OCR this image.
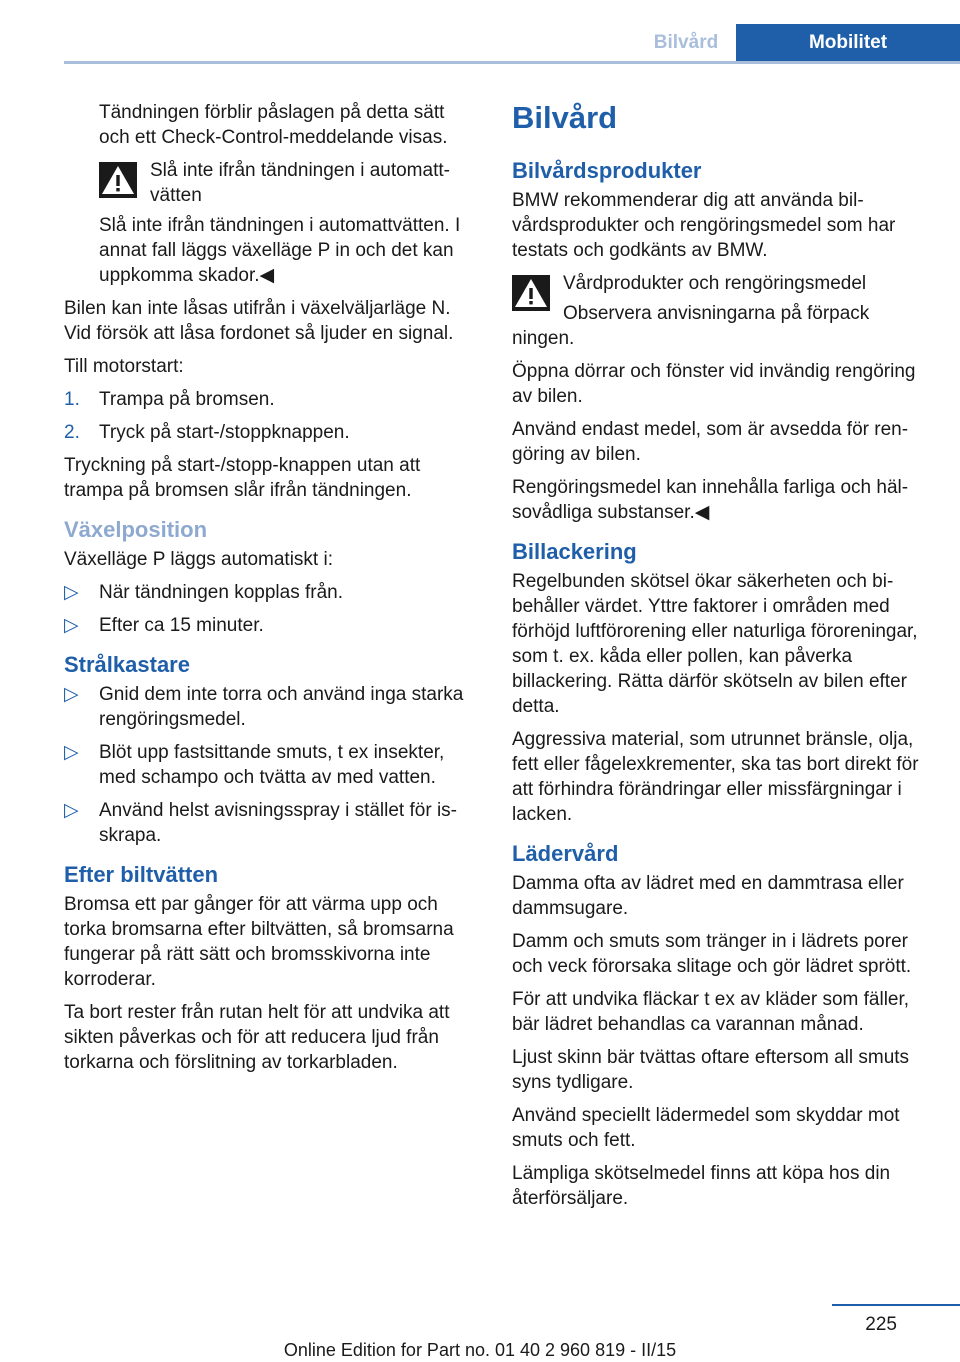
Bilvård	Mobilitet

Tändningen förblir påslagen på detta sätt och ett Check-Control-meddelande visas.

Slå inte ifrån tändningen i automattvätten

Slå inte ifrån tändningen i automattvätten. I annat fall läggs växelläge P in och det kan uppkomma skador.◀

Bilen kan inte låsas utifrån i växelväljarläge N. Vid försök att låsa fordonet så ljuder en signal.

Till motorstart:

1. Trampa på bromsen.
2. Tryck på start-/stoppknappen.

Tryckning på start-/stopp-knappen utan att trampa på bromsen slår ifrån tändningen.

Växelposition

Växelläge P läggs automatiskt i:

▷ När tändningen kopplas från.
▷ Efter ca 15 minuter.
Strålkastare
▷ Gnid dem inte torra och använd inga starka rengöringsmedel.
▷ Blöt upp fastsittande smuts, t ex insekter, med schampo och tvätta av med vatten.
▷ Använd helst avisningsspray i stället för isskrapa.
Efter biltvätten

Bromsa ett par gånger för att värma upp och torka bromsarna efter biltvätten, så bromsarna fungerar på rätt sätt och bromsskivorna inte korroderar.

Ta bort rester från rutan helt för att undvika att sikten påverkas och för att reducera ljud från torkarna och förslitning av torkarbladen.

Bilvård
Bilvårdsprodukter

BMW rekommenderar dig att använda bilvårdsprodukter och rengöringsmedel som har testats och godkänts av BMW.

Vårdprodukter och rengöringsmedel

Observera anvisningarna på förpack

ningen.

Öppna dörrar och fönster vid invändig rengöring av bilen.

Använd endast medel, som är avsedda för rengöring av bilen.

Rengöringsmedel kan innehålla farliga och hälsovådliga substanser.◀

Billackering

Regelbunden skötsel ökar säkerheten och bibehåller värdet. Yttre faktorer i områden med förhöjd luftförorening eller naturliga föroreningar, som t. ex. kåda eller pollen, kan påverka billackering. Rätta därför skötseln av bilen efter detta.

Aggressiva material, som utrunnet bränsle, olja, fett eller fågelexkrementer, ska tas bort direkt för att förhindra förändringar eller missfärgningar i lacken.

Lädervård

Damma ofta av lädret med en dammtrasa eller dammsugare.

Damm och smuts som tränger in i lädrets porer och veck förorsaka slitage och gör lädret sprött.

För att undvika fläckar t ex av kläder som fäller, bär lädret behandlas ca varannan månad.

Ljust skinn bär tvättas oftare eftersom all smuts syns tydligare.

Använd speciellt lädermedel som skyddar mot smuts och fett.

Lämpliga skötselmedel finns att köpa hos din återförsäljare.

225
Online Edition for Part no. 01 40 2 960 819 - II/15
